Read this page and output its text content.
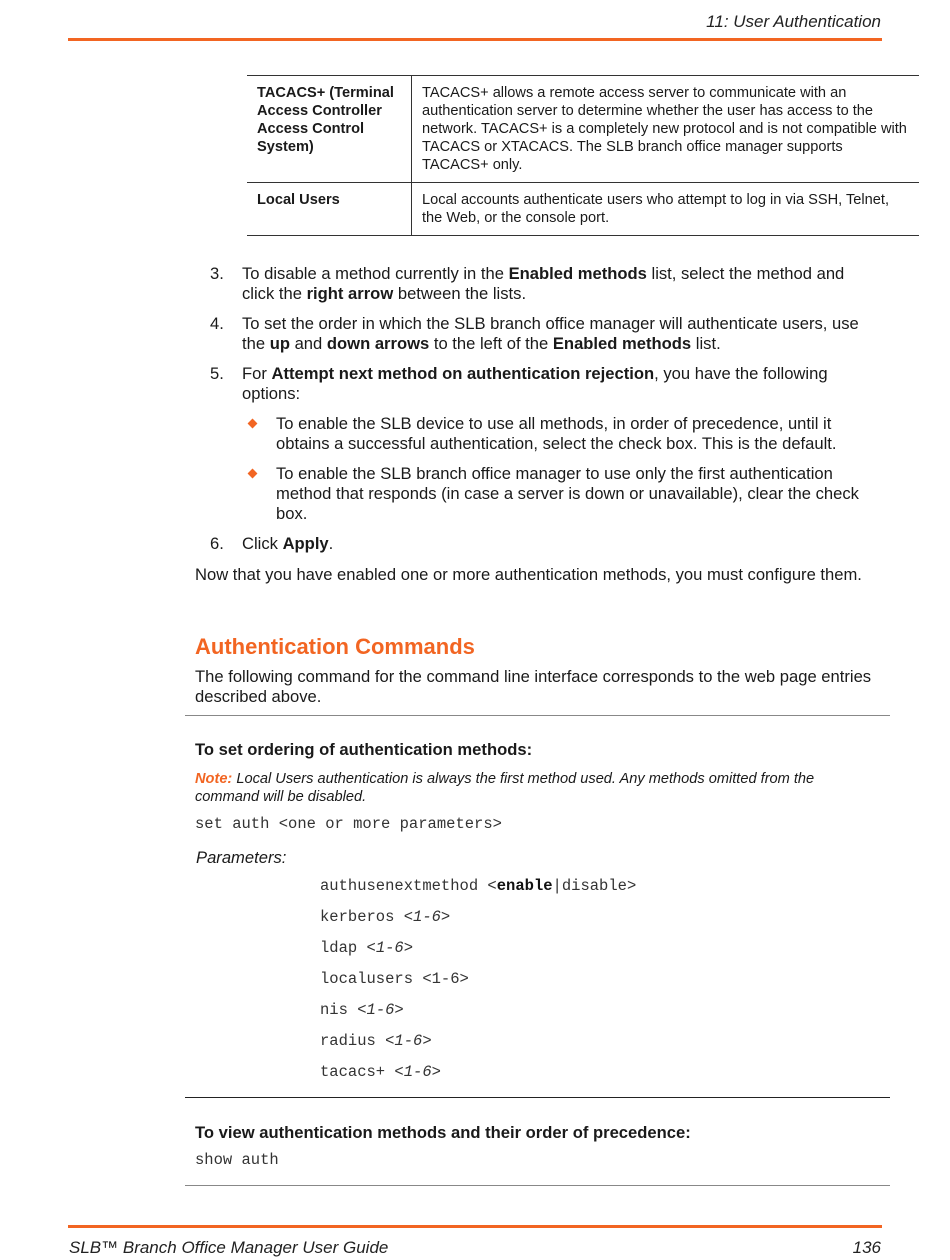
11: User Authentication
TACACS+ (Terminal Access Controller Access Control System)	TACACS+ allows a remote access server to communicate with an authentication server to determine whether the user has access to the network. TACACS+ is a completely new protocol and is not compatible with TACACS or XTACACS. The SLB branch office manager supports TACACS+ only.
Local Users	Local accounts authenticate users who attempt to log in via SSH, Telnet, the Web, or the console port.
3. To disable a method currently in the Enabled methods list, select the method and click the right arrow between the lists.
4. To set the order in which the SLB branch office manager will authenticate users, use the up and down arrows to the left of the Enabled methods list.
5. For Attempt next method on authentication rejection, you have the following options:
To enable the SLB device to use all methods, in order of precedence, until it obtains a successful authentication, select the check box. This is the default.
To enable the SLB branch office manager to use only the first authentication method that responds (in case a server is down or unavailable), clear the check box.
6. Click Apply.
Now that you have enabled one or more authentication methods, you must configure them.
Authentication Commands
The following command for the command line interface corresponds to the web page entries described above.
To set ordering of authentication methods:
Note: Local Users authentication is always the first method used. Any methods omitted from the command will be disabled.
set auth <one or more parameters>
Parameters:
authusenextmethod <enable|disable>
kerberos <1-6>
ldap <1-6>
localusers <1-6>
nis <1-6>
radius <1-6>
tacacs+ <1-6>
To view authentication methods and their order of precedence:
show auth
SLB™ Branch Office Manager User Guide	136
